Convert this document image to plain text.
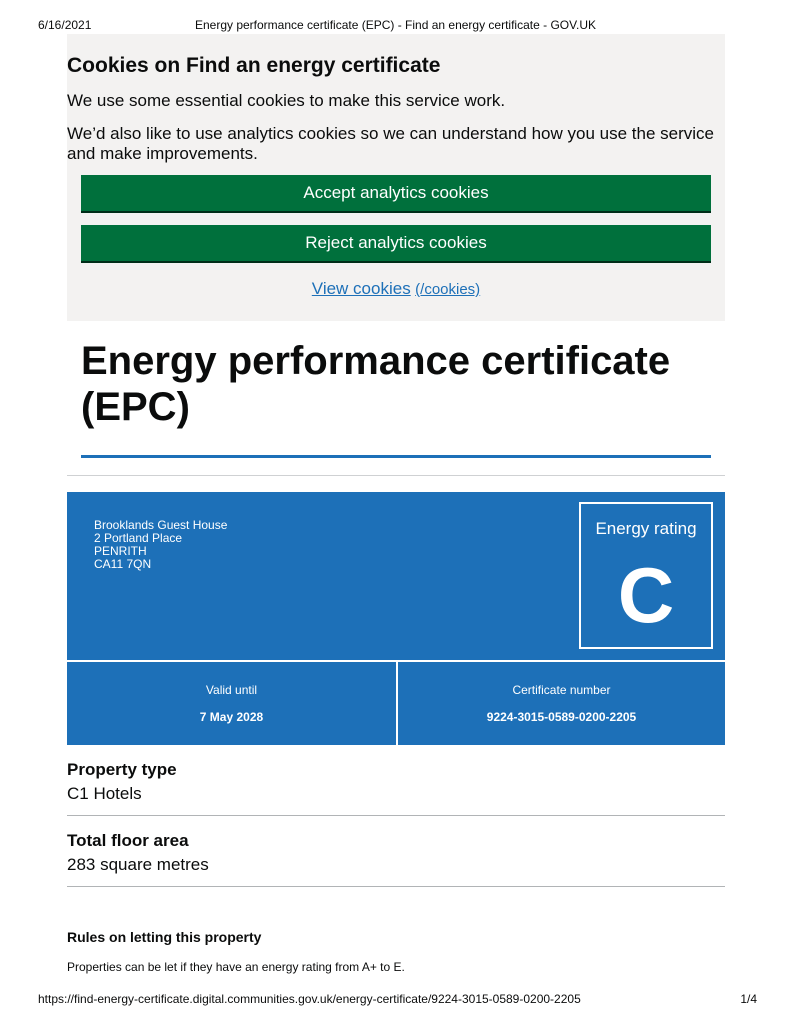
6/16/2021	Energy performance certificate (EPC) - Find an energy certificate - GOV.UK
Cookies on Find an energy certificate

We use some essential cookies to make this service work.

We’d also like to use analytics cookies so we can understand how you use the service and make improvements.

Accept analytics cookies
Reject analytics cookies
View cookies (/cookies)
Energy performance certificate (EPC)
Brooklands Guest House
2 Portland Place
PENRITH
CA11 7QN
Energy rating
C
Valid until
7 May 2028
Certificate number
9224-3015-0589-0200-2205
Property type
C1 Hotels
Total floor area
283 square metres
Rules on letting this property

Properties can be let if they have an energy rating from A+ to E.

https://find-energy-certificate.digital.communities.gov.uk/energy-certificate/9224-3015-0589-0200-2205	1/4
